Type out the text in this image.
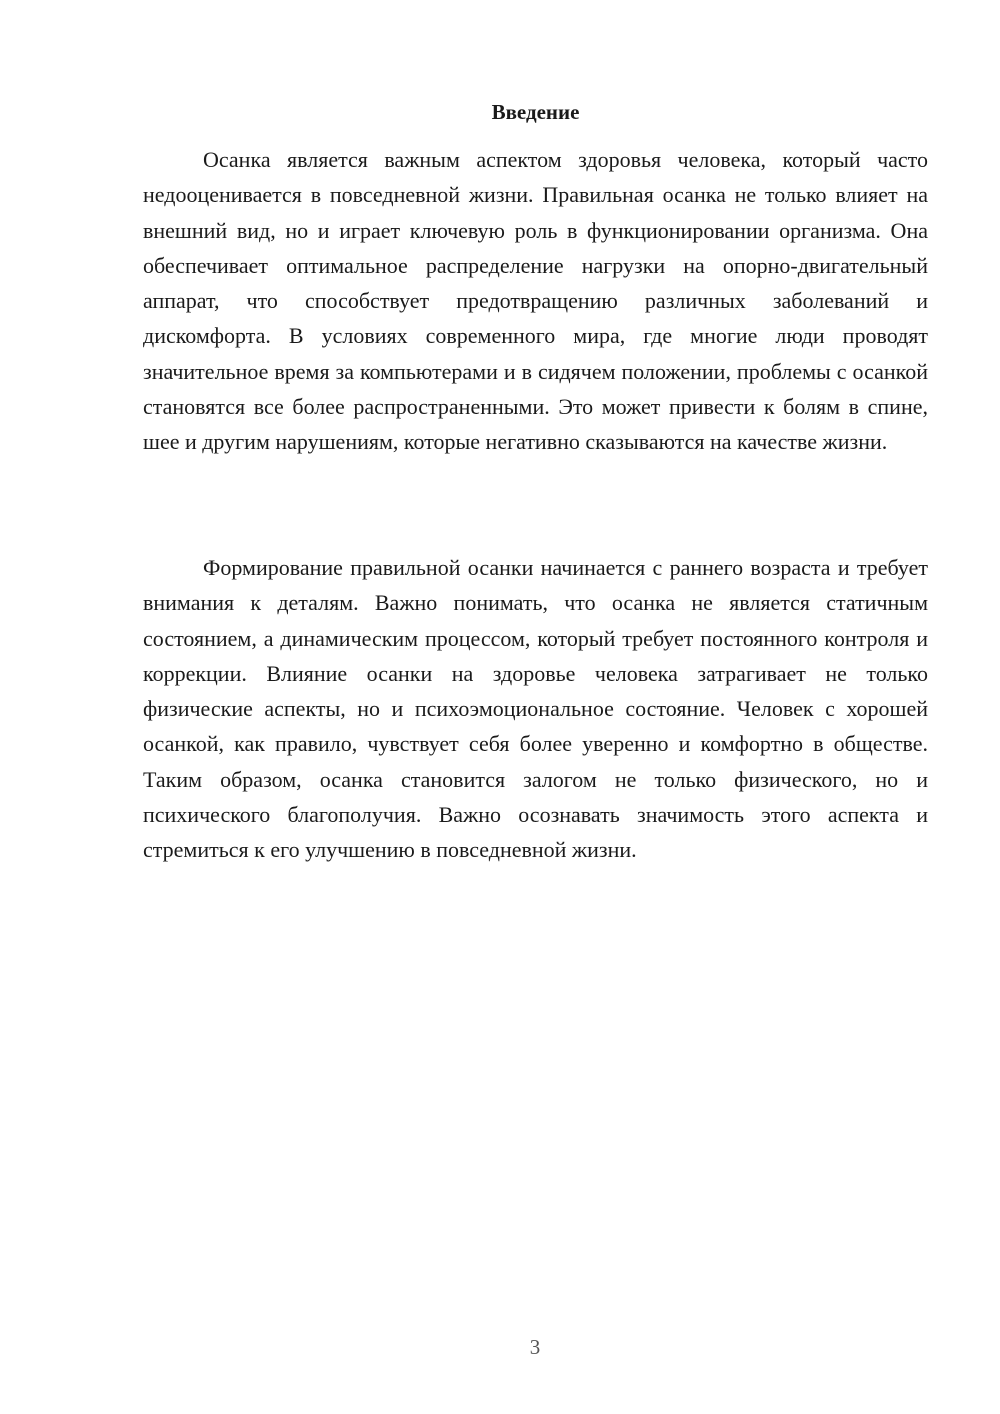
Введение

Осанка является важным аспектом здоровья человека, который часто недооценивается в повседневной жизни. Правильная осанка не только влияет на внешний вид, но и играет ключевую роль в функционировании организма. Она обеспечивает оптимальное распределение нагрузки на опорно-двигательный аппарат, что способствует предотвращению различных заболеваний и дискомфорта. В условиях современного мира, где многие люди проводят значительное время за компьютерами и в сидячем положении, проблемы с осанкой становятся все более распространенными. Это может привести к болям в спине, шее и другим нарушениям, которые негативно сказываются на качестве жизни.

Формирование правильной осанки начинается с раннего возраста и требует внимания к деталям. Важно понимать, что осанка не является статичным состоянием, а динамическим процессом, который требует постоянного контроля и коррекции. Влияние осанки на здоровье человека затрагивает не только физические аспекты, но и психоэмоциональное состояние. Человек с хорошей осанкой, как правило, чувствует себя более уверенно и комфортно в обществе. Таким образом, осанка становится залогом не только физического, но и психического благополучия. Важно осознавать значимость этого аспекта и стремиться к его улучшению в повседневной жизни.

3
